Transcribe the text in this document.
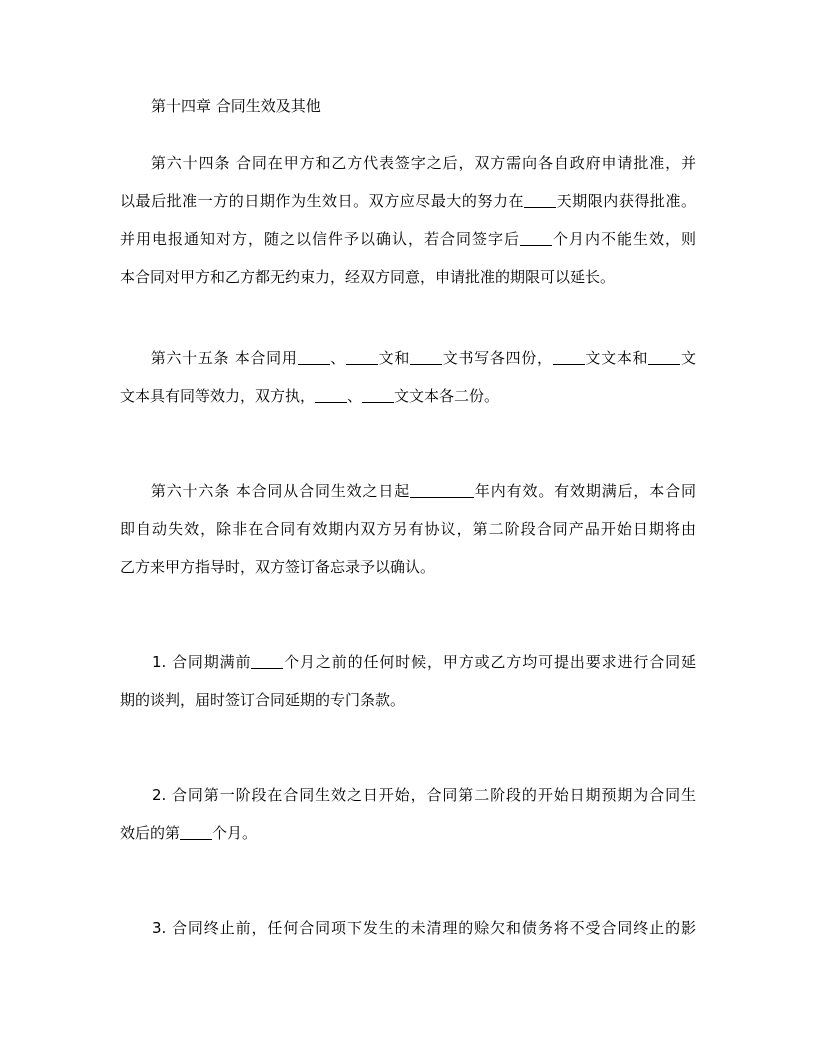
第十四章 合同生效及其他
第六十四条 合同在甲方和乙方代表签字之后，双方需向各自政府申请批准，并
以最后批准一方的日期作为生效日。双方应尽最大的努力在 天期限内获得批准。
并用电报通知对方，随之以信件予以确认，若合同签字后 个月内不能生效，则
本合同对甲方和乙方都无约束力，经双方同意，申请批准的期限可以延长。
第六十五条 本合同用 、 文和 文书写各四份， 文文本和 文
文本具有同等效力，双方执， 、 文文本各二份。
第六十六条 本合同从合同生效之日起	年内有效。有效期满后，本合同
即自动失效，除非在合同有效期内双方另有协议，第二阶段合同产品开始日期将由
乙方来甲方指导时，双方签订备忘录予以确认。
1. 合同期满前 个月之前的任何时候，甲方或乙方均可提出要求进行合同延
期的谈判，届时签订合同延期的专门条款。
2. 合同第一阶段在合同生效之日开始，合同第二阶段的开始日期预期为合同生
效后的第 个月。
3. 合同终止前，任何合同项下发生的未清理的赊欠和债务将不受合同终止的影
